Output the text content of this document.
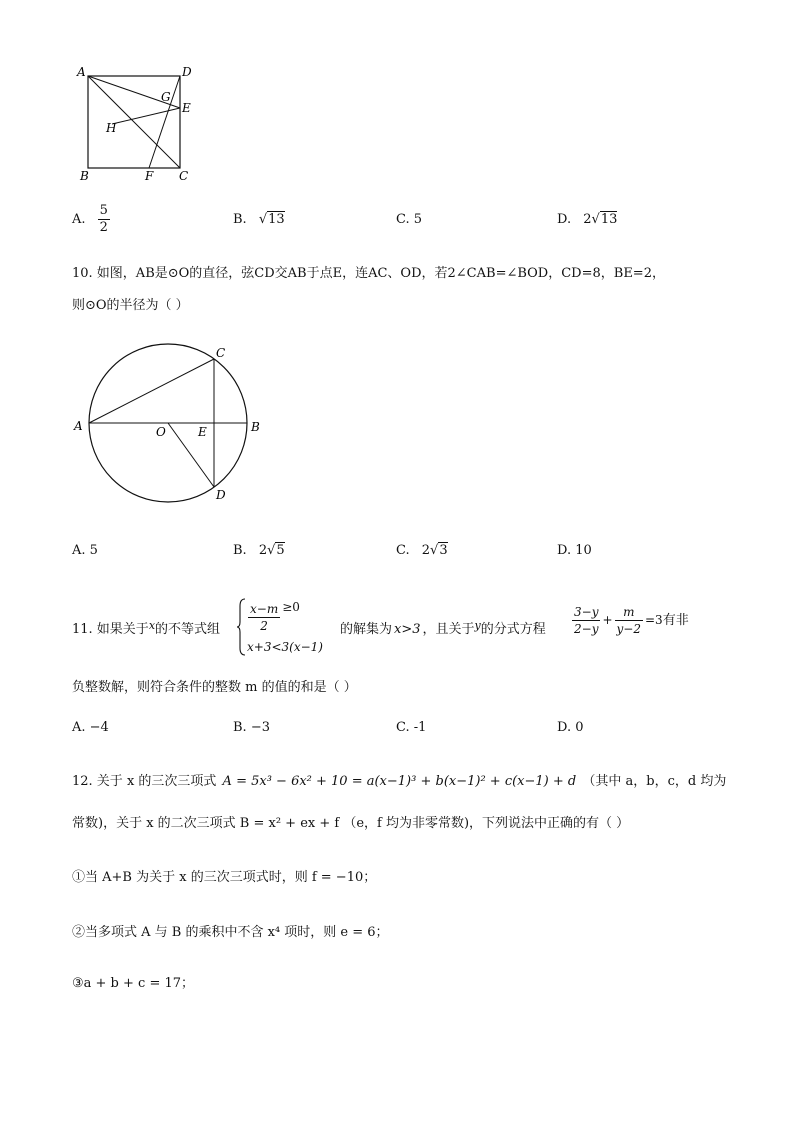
A	D
E
G
H
B	F C
A. $\frac{5}{2}$	B. √13	C. 5	D. 2√13
10. 如图，AB是⊙O的直径，弦CD交AB于点E，连AC、OD，若2∠CAB=∠BOD，CD=8，BE=2，
则⊙O的半径为（ ）
A	B
C
D
O	E
A. 5	B. 2√5	C. 2√3	D. 10
11. 如果关于$^x$的不等式组 $\frac{x-m}{2} \ge 0$
x+3<3(x−1)
的解集为 x>3 ，且关于$^y$的分式方程 $\frac{3-y}{2-y} + \frac{m}{y-2} =3$有非
负整数解，则符合条件的整数 m 的值的和是（ ）
A. −4	B. −3	C. -1	D. 0
12. 关于 x 的三次三项式 A = 5x³ − 6x² + 10 = a(x−1)³ + b(x−1)² + c(x−1) + d （其中 a，b，c，d 均为
常数)，关于 x 的二次三项式 B = x² + ex + f （e，f 均为非零常数)，下列说法中正确的有（ ）
①当 A+B 为关于 x 的三次三项式时，则 f = −10；
②当多项式 A 与 B 的乘积中不含 x⁴ 项时，则 e = 6；
③a + b + c = 17；
